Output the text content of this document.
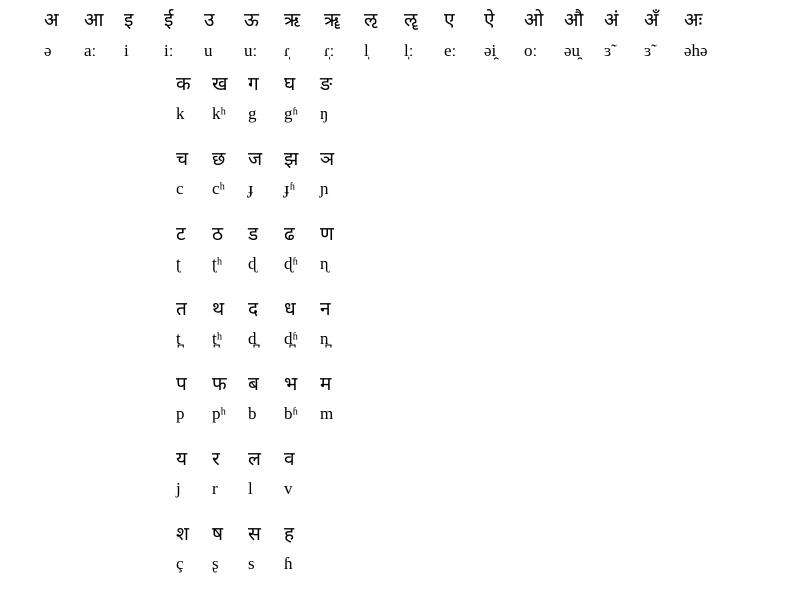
अ	आ	इ	ई	उ	ऊ	ऋ	ॠ	ऌ	ॡ	ए	ऐ	ओ	औ	अं	अँ	अः
ə	aː	i	iː	u	uː	ɾ̩	ɾ̩ː	l̩	l̩ː	eː	əi̯	oː	əu̯	ɜ̃	ɜ̃	əhə
क	ख	ग	घ	ङ
k	kʰ	g	gʱ	ŋ
च	छ	ज	झ	ञ
c	cʰ	ɟ	ɟʱ	ɲ
ट	ठ	ड	ढ	ण
ʈ	ʈʰ	ɖ	ɖʱ	ɳ
त	थ	द	ध	न
t̪	t̪ʰ	d̪	d̪ʱ	n̪
प	फ	ब	भ	म
p	pʰ	b	bʱ	m
य	र	ल	व
j	r	l	v
श	ष	स	ह
ç	ʂ	s	ɦ
